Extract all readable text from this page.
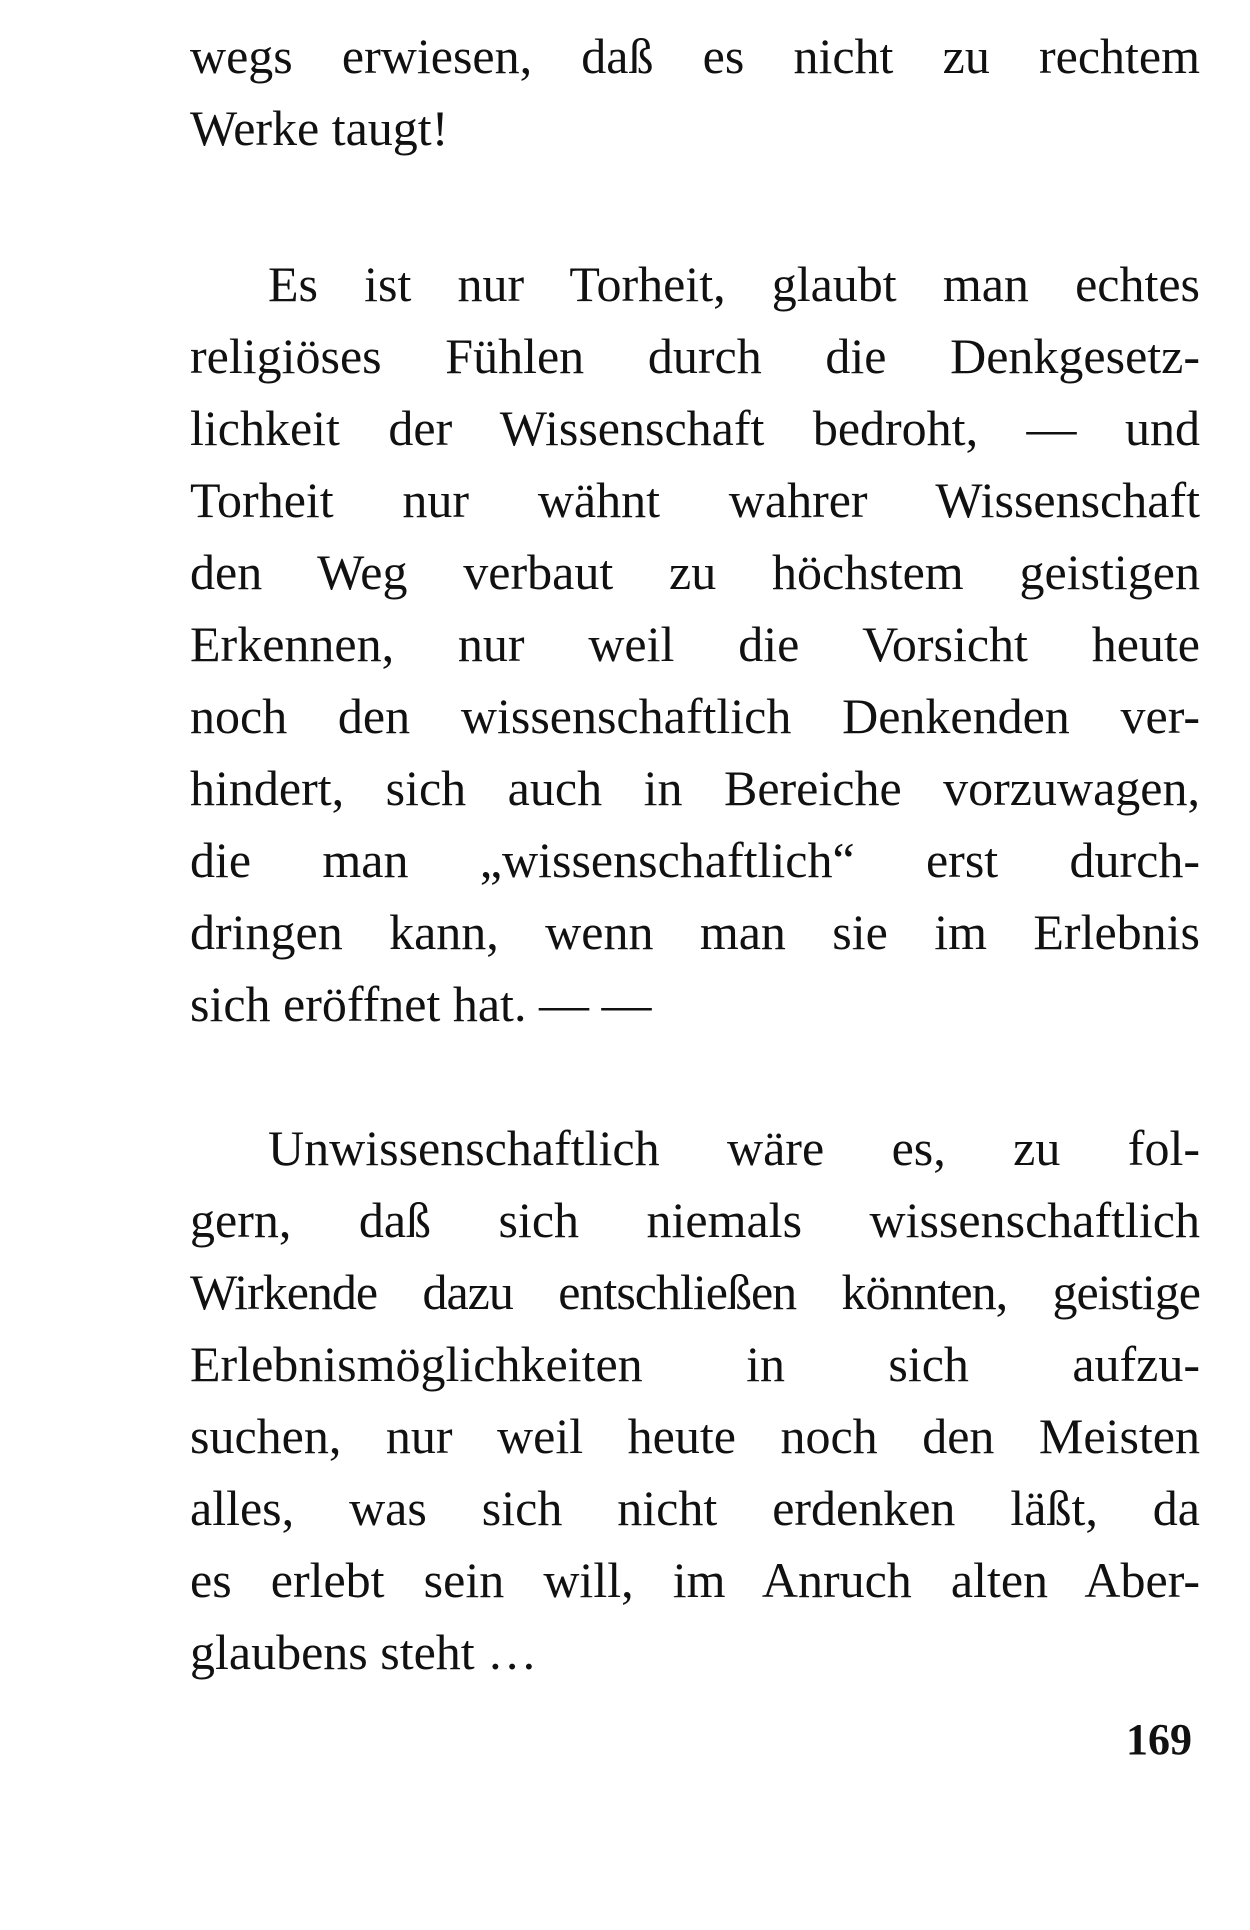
wegs erwiesen, daß es nicht zu rechtem
Werke taugt!
Es ist nur Torheit, glaubt man echtes
religiöses Fühlen durch die Denkgesetz-
lichkeit der Wissenschaft bedroht, — und
Torheit nur wähnt wahrer Wissenschaft
den Weg verbaut zu höchstem geistigen
Erkennen, nur weil die Vorsicht heute
noch den wissenschaftlich Denkenden ver-
hindert, sich auch in Bereiche vorzuwagen,
die man „wissenschaftlich“ erst durch-
dringen kann, wenn man sie im Erlebnis
sich eröffnet hat. — —
Unwissenschaftlich wäre es, zu fol-
gern, daß sich niemals wissenschaftlich
Wirkende dazu entschließen könnten, geistige
Erlebnismöglichkeiten in sich aufzu-
suchen, nur weil heute noch den Meisten
alles, was sich nicht erdenken läßt, da
es erlebt sein will, im Anruch alten Aber-
glaubens steht …
169
